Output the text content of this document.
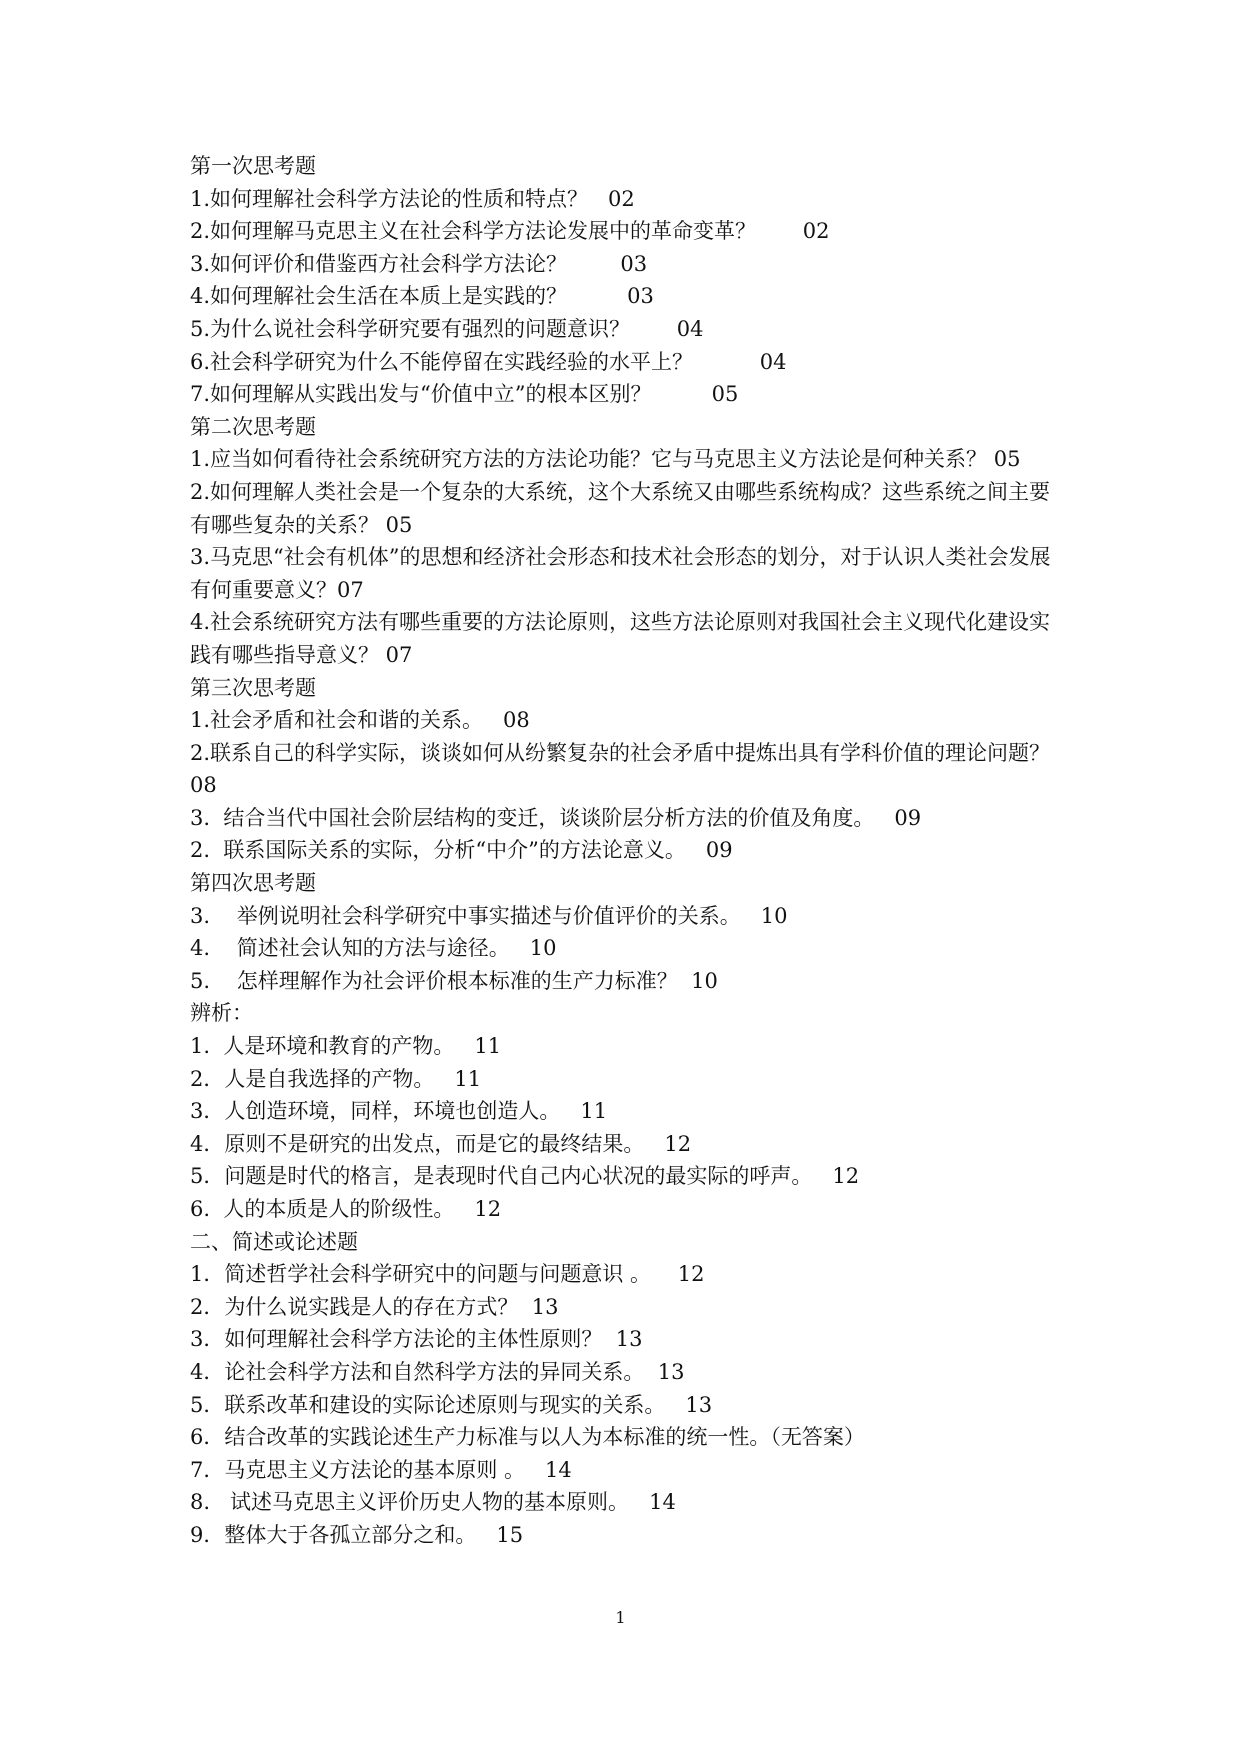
第一次思考题

1.如何理解社会科学方法论的性质和特点？   02

2.如何理解马克思主义在社会科学方法论发展中的革命变革？       02

3.如何评价和借鉴西方社会科学方法论？        03

4.如何理解社会生活在本质上是实践的？         03

5.为什么说社会科学研究要有强烈的问题意识？       04

6.社会科学研究为什么不能停留在实践经验的水平上？          04

7.如何理解从实践出发与“价值中立”的根本区别？         05

第二次思考题

1.应当如何看待社会系统研究方法的方法论功能？它与马克思主义方法论是何种关系？ 05

2.如何理解人类社会是一个复杂的大系统，这个大系统又由哪些系统构成？这些系统之间主要有哪些复杂的关系？ 05

3.马克思“社会有机体”的思想和经济社会形态和技术社会形态的划分，对于认识人类社会发展有何重要意义？07

4.社会系统研究方法有哪些重要的方法论原则，这些方法论原则对我国社会主义现代化建设实践有哪些指导意义？ 07

第三次思考题

1.社会矛盾和社会和谐的关系。   08

2.联系自己的科学实际，谈谈如何从纷繁复杂的社会矛盾中提炼出具有学科价值的理论问题？ 08

3.  结合当代中国社会阶层结构的变迁，谈谈阶层分析方法的价值及角度。   09

2.  联系国际关系的实际，分析“中介”的方法论意义。   09

第四次思考题

3.    举例说明社会科学研究中事实描述与价值评价的关系。   10

4.    简述社会认知的方法与途径。   10

5.    怎样理解作为社会评价根本标准的生产力标准？  10

辨析：

1.  人是环境和教育的产物。   11

2．人是自我选择的产物。   11

3．人创造环境，同样，环境也创造人。   11

4．原则不是研究的出发点，而是它的最终结果。   12

5．问题是时代的格言，是表现时代自己内心状况的最实际的呼声。   12

6.  人的本质是人的阶级性。   12

二、简述或论述题

1．简述哲学社会科学研究中的问题与问题意识 。    12

2．为什么说实践是人的存在方式？  13

3．如何理解社会科学方法论的主体性原则？  13

4．论社会科学方法和自然科学方法的异同关系。  13

5．联系改革和建设的实际论述原则与现实的关系。   13

6．结合改革的实践论述生产力标准与以人为本标准的统一性。（无答案）

7．马克思主义方法论的基本原则 。   14

8.   试述马克思主义评价历史人物的基本原则。   14

9．整体大于各孤立部分之和。   15

1
